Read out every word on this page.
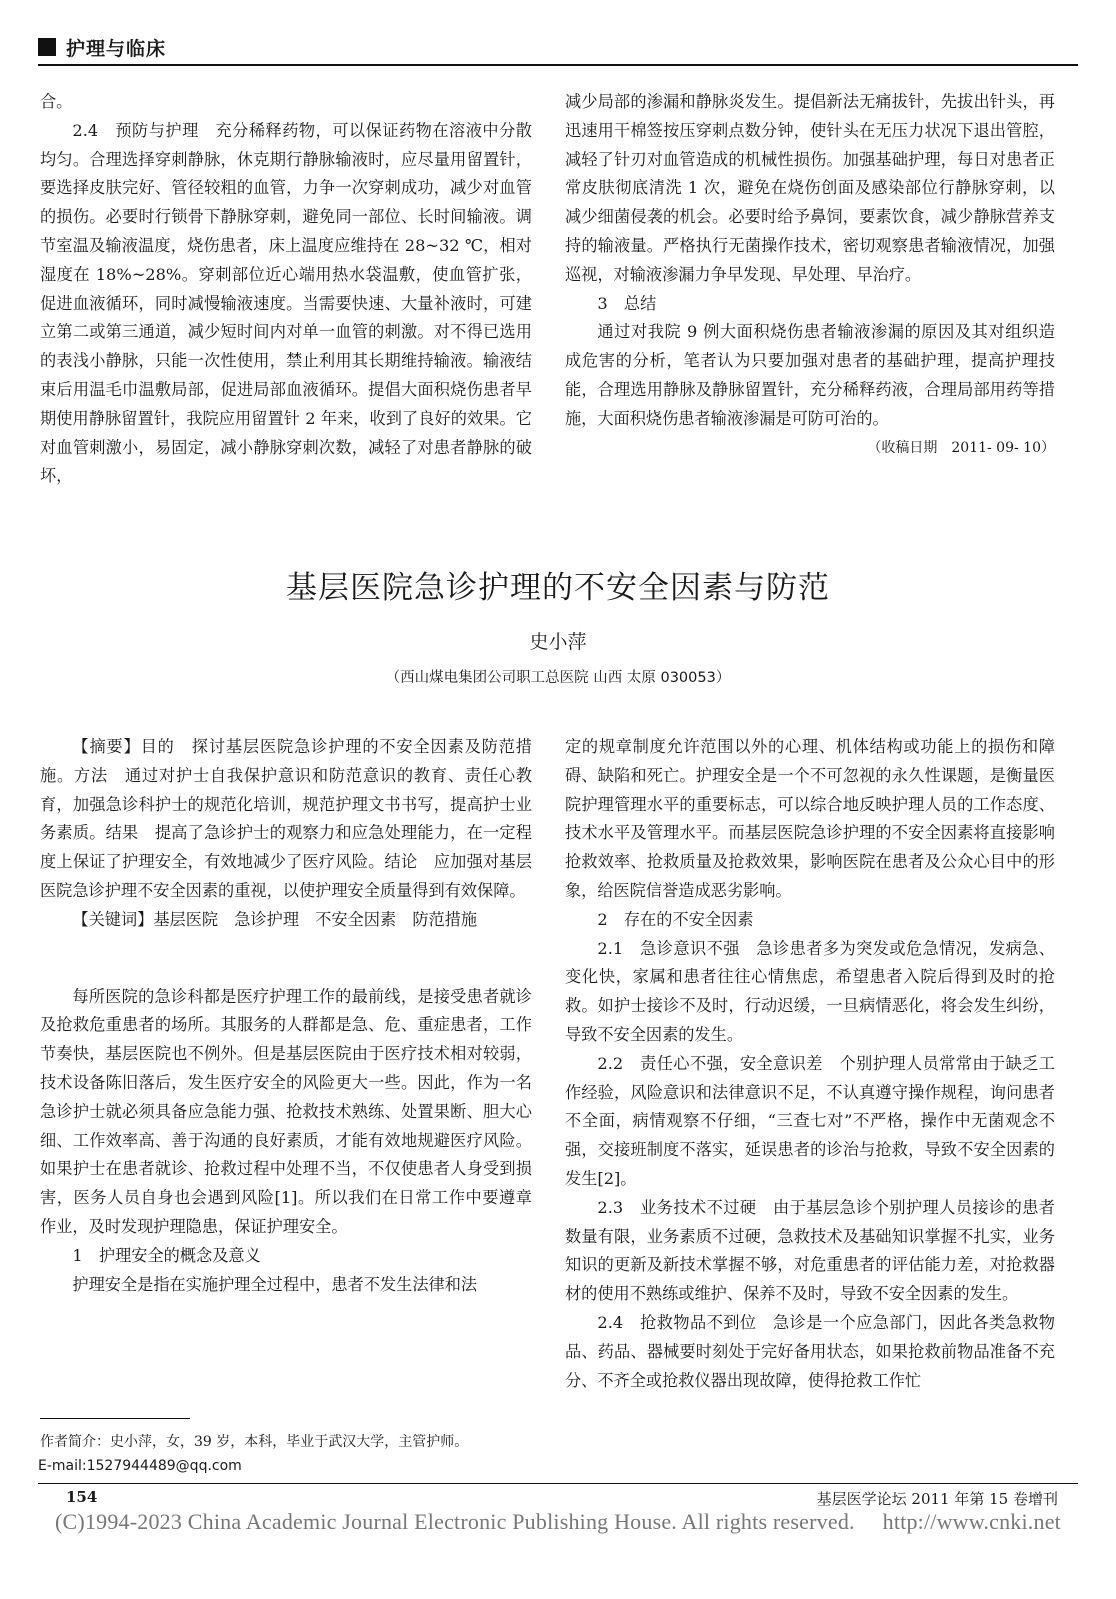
护理与临床

合。

2.4　预防与护理　充分稀释药物，可以保证药物在溶液中分散均匀。合理选择穿刺静脉，休克期行静脉输液时，应尽量用留置针，要选择皮肤完好、管径较粗的血管，力争一次穿刺成功，减少对血管的损伤。必要时行锁骨下静脉穿刺，避免同一部位、长时间输液。调节室温及输液温度，烧伤患者，床上温度应维持在 28~32 ℃，相对湿度在 18%~28%。穿刺部位近心端用热水袋温敷，使血管扩张，促进血液循环，同时减慢输液速度。当需要快速、大量补液时，可建立第二或第三通道，减少短时间内对单一血管的刺激。对不得已选用的表浅小静脉，只能一次性使用，禁止利用其长期维持输液。输液结束后用温毛巾温敷局部，促进局部血液循环。提倡大面积烧伤患者早期使用静脉留置针，我院应用留置针 2 年来，收到了良好的效果。它对血管刺激小，易固定，减小静脉穿刺次数，减轻了对患者静脉的破坏，

减少局部的渗漏和静脉炎发生。提倡新法无痛拔针，先拔出针头，再迅速用干棉签按压穿刺点数分钟，使针头在无压力状况下退出管腔，减轻了针刃对血管造成的机械性损伤。加强基础护理，每日对患者正常皮肤彻底清洗 1 次，避免在烧伤创面及感染部位行静脉穿刺，以减少细菌侵袭的机会。必要时给予鼻饲，要素饮食，减少静脉营养支持的输液量。严格执行无菌操作技术，密切观察患者输液情况，加强巡视，对输液渗漏力争早发现、早处理、早治疗。

3　总结

通过对我院 9 例大面积烧伤患者输液渗漏的原因及其对组织造成危害的分析，笔者认为只要加强对患者的基础护理，提高护理技能，合理选用静脉及静脉留置针，充分稀释药液，合理局部用药等措施，大面积烧伤患者输液渗漏是可防可治的。

（收稿日期　2011- 09- 10）

基层医院急诊护理的不安全因素与防范
史小萍
（西山煤电集团公司职工总医院 山西 太原 030053）

【摘要】目的　探讨基层医院急诊护理的不安全因素及防范措施。方法　通过对护士自我保护意识和防范意识的教育、责任心教育，加强急诊科护士的规范化培训，规范护理文书书写，提高护士业务素质。结果　提高了急诊护士的观察力和应急处理能力，在一定程度上保证了护理安全，有效地减少了医疗风险。结论　应加强对基层医院急诊护理不安全因素的重视，以使护理安全质量得到有效保障。

【关键词】基层医院　急诊护理　不安全因素　防范措施

每所医院的急诊科都是医疗护理工作的最前线，是接受患者就诊及抢救危重患者的场所。其服务的人群都是急、危、重症患者，工作节奏快，基层医院也不例外。但是基层医院由于医疗技术相对较弱，技术设备陈旧落后，发生医疗安全的风险更大一些。因此，作为一名急诊护士就必须具备应急能力强、抢救技术熟练、处置果断、胆大心细、工作效率高、善于沟通的良好素质，才能有效地规避医疗风险。如果护士在患者就诊、抢救过程中处理不当，不仅使患者人身受到损害，医务人员自身也会遇到风险[1]。所以我们在日常工作中要遵章作业，及时发现护理隐患，保证护理安全。

1　护理安全的概念及意义

护理安全是指在实施护理全过程中，患者不发生法律和法

定的规章制度允许范围以外的心理、机体结构或功能上的损伤和障碍、缺陷和死亡。护理安全是一个不可忽视的永久性课题，是衡量医院护理管理水平的重要标志，可以综合地反映护理人员的工作态度、技术水平及管理水平。而基层医院急诊护理的不安全因素将直接影响抢救效率、抢救质量及抢救效果，影响医院在患者及公众心目中的形象，给医院信誉造成恶劣影响。

2　存在的不安全因素

2.1　急诊意识不强　急诊患者多为突发或危急情况，发病急、变化快，家属和患者往往心情焦虑，希望患者入院后得到及时的抢救。如护士接诊不及时，行动迟缓，一旦病情恶化，将会发生纠纷，导致不安全因素的发生。

2.2　责任心不强，安全意识差　个别护理人员常常由于缺乏工作经验，风险意识和法律意识不足，不认真遵守操作规程，询问患者不全面，病情观察不仔细，“三查七对”不严格，操作中无菌观念不强，交接班制度不落实，延误患者的诊治与抢救，导致不安全因素的发生[2]。

2.3　业务技术不过硬　由于基层急诊个别护理人员接诊的患者数量有限，业务素质不过硬，急救技术及基础知识掌握不扎实，业务知识的更新及新技术掌握不够，对危重患者的评估能力差，对抢救器材的使用不熟练或维护、保养不及时，导致不安全因素的发生。

2.4　抢救物品不到位　急诊是一个应急部门，因此各类急救物品、药品、器械要时刻处于完好备用状态，如果抢救前物品准备不充分、不齐全或抢救仪器出现故障，使得抢救工作忙

作者简介：史小萍，女，39 岁，本科，毕业于武汉大学，主管护师。
E-mail:1527944489@qq.com
154	基层医学论坛 2011 年第 15 卷增刊
(C)1994-2023 China Academic Journal Electronic Publishing House. All rights reserved.　 http://www.cnki.net
